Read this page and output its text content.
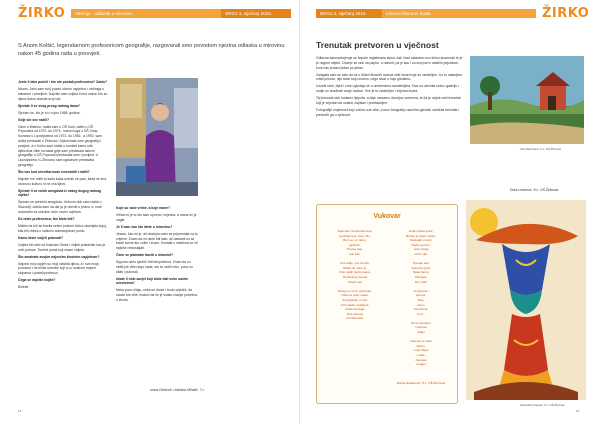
ŽIRKO	Intervju - odlazak u mirovinu	BROJ 3, siječanj 2016.
S Anom Kolšić, legendarnom profesoricom geografije, razgovarali smo povodom njezina odlaska u mirovinu nakon 45 godina rada u prosvjeti.

Jeste li lako počeli i što ste postali profesorica? Zašto?

Nisam. Jako sam svoj posao učinim uspješno i radimga s takodom i veseljem. Najviše sam voljela ti bud nakon što su djeca dobro obavila svoj rad.

Sjećate li se svog prvog radnog dana?

Sjećam se, bio je to u rujnu 1968. godine.

Gdje ste sve radili?

Osim u Bistriku, radila sam u OŠ Koši, zatim u OŠ Popovača od 1970. do 1973., nakon toga u OŠ Josip Kozarac u Lipovljanima od 1973. do 1982., a 1992. sam došla predavati u Žirkovac. Diplomirala sam geografiju i povijest, a u Kutku sam radila u komitet kamo svih djelovima vlikh rucnada gdje sam predavala satove geografije u OŠ Popovači predavala sam i povijest. U Lipovljanima i u Žirkovcu sam uglavnom predavala geografiju.

Što vas kod učenika može iznenaditi i ražiti?

Najviše me ražiti to kada kada učenik ne pazi, kada ne zna osnovnu kulturu ni ne zna lijevo.

Sjećate li se nekih anegdota iz vašeg dugog radnog vijeka?

Sjećam se ponekih anegdota. Jednom dok sam radila u Slavoniji, dobila sam na dar ja je učenik u pravu, e, mali automobil za učenike ovim novim uvjetom.

Do niste profesorica, što biste bili?

Mislim da bih se bavila nekim poslom dobro obavljala kojoj, bila bih dobra u svakom animacijskom poslu.

Kamo biste voljeli putovati?

Voljela bih otići na Islanske Otoke i vidjeti pristaniše kao je ovih putova. Tražeći posla koji nisam vidjela.

Što smatrate svojim najvećim životnim uspjehom?

Najveći moj uspjeh su moji vlastita djeca, a i sva moja ponosna i na bivše učenike koji su u svakom mojem stopama i postali profesori.

Čega se najviše bojite?

Bolesti.

Koje su vaše vrline, a koje mane?

Vrlina mi je to što sam uporna i vrijedna, a mana mi je nagla.

Je li vam žao što idete u mirovinu?

Jesam, žao mi je, ali dostojno sam se pripremala za to vrijeme. Znam da mi neće biti lako, ali nastavit ću se baviti svime što volim i znam. Kontakt s mladima će mi najviše nedostajati.

Čime se planirate baviti u mirovini?

Sigurna neću sjediti i biti besposlena. Znam da ću raditi još više nego sada, sto ću raditi vrtlo, puno ću čitati i putovati.

Imate li neki savjet koji biste dali svim našim učenicima?

Neka puno čitaju, neka se druže i budu vrijedni, da nauče što više, budući da im je svako znanje potrebno u životu.

Ivona Dinković i Adriana Mihalić, 7.c
14
BROJ 3, siječanj 2016.	Likovno-literarni kutak	ŽIRKO
Trenutak pretvoren u vječnost

Odlazna samozatvjeruje se šepote registrirana skica, čak i kad nalazimo svu širinu stvarnosti te je je nogom objekt. Crtanje se radi na papiru, u rasveti, pa je kao i za svoj rad s ostalim pejzažom, kroz nas prolazi jedan po jedan.

Zalagala sam se zato da se u blizini likovnih radova vide stvari koje su zanimljive. Uz to nastojimo crtati prirodu, nije stvar koju znamo, nego stvar u koju gledamo.

Uzveši ruke, bijeli i crne ogledaju se u umetnicima ravnateljima. Dva su učenika ušla u galeriju i ondje su izrađivali svoje radove. Sve je to zanimljivo i vrijedno truda.

Tej trenutak dok hodamo lijepota, a daje nemamo dovoljno vremena, te da je uvijek neki trenutak koji je vrijedan da ostane zapisan i predstavljen.

Fotografije umjetnost koju volimo sve više, a kroz fotografiju naučimo gledati, zadržati trenutak i pretvoriti ga u vječnost.

Ana Radovanić, 8.c, OŠ Žirkovac
Dora Lenković, 8.c, OŠ Žirkovac
Vukovar
Dijamant na Dunavu koji,
Godinama je stao i bio,
Bori se, uz ratnu,
gardistu,
Prema ratu,
nije bilo.

Sve dalje, sve izmiče,
Oblak na nebu je,
Dok naših ljudi junaka,
Hrvatskog naroda
Uvijek rad.

Mnogi su za tu grad pali,
Neki na polju ostati,
Sa ljubavlju u srcu,
A hrvatsku uzdignuli,
Ustali sa kraja,
Dok pomozi
od zaborava.
Dobro lekar jedni,
Branio je grad i nade i
Nastojati u tami,
Radio goriva i
nebo dragi
volim njih.

Pjevaju kao
Vukovar grad,
Neka heroji,
Oduvjek,
Pa i sad!

Je pjesma i
oprosti,
Bog,
istom
trenucima,
A mi...

Mi se sjećamo
i slavimo
dalje!

Vukovar je naše
dobro,
moje blago
i nade,
zauvijek
ostaje!
Marija Radanović, 8.c, OŠ Žirkovac
Sebastian Haesler, 8.c, OŠ Žirkovac
15
